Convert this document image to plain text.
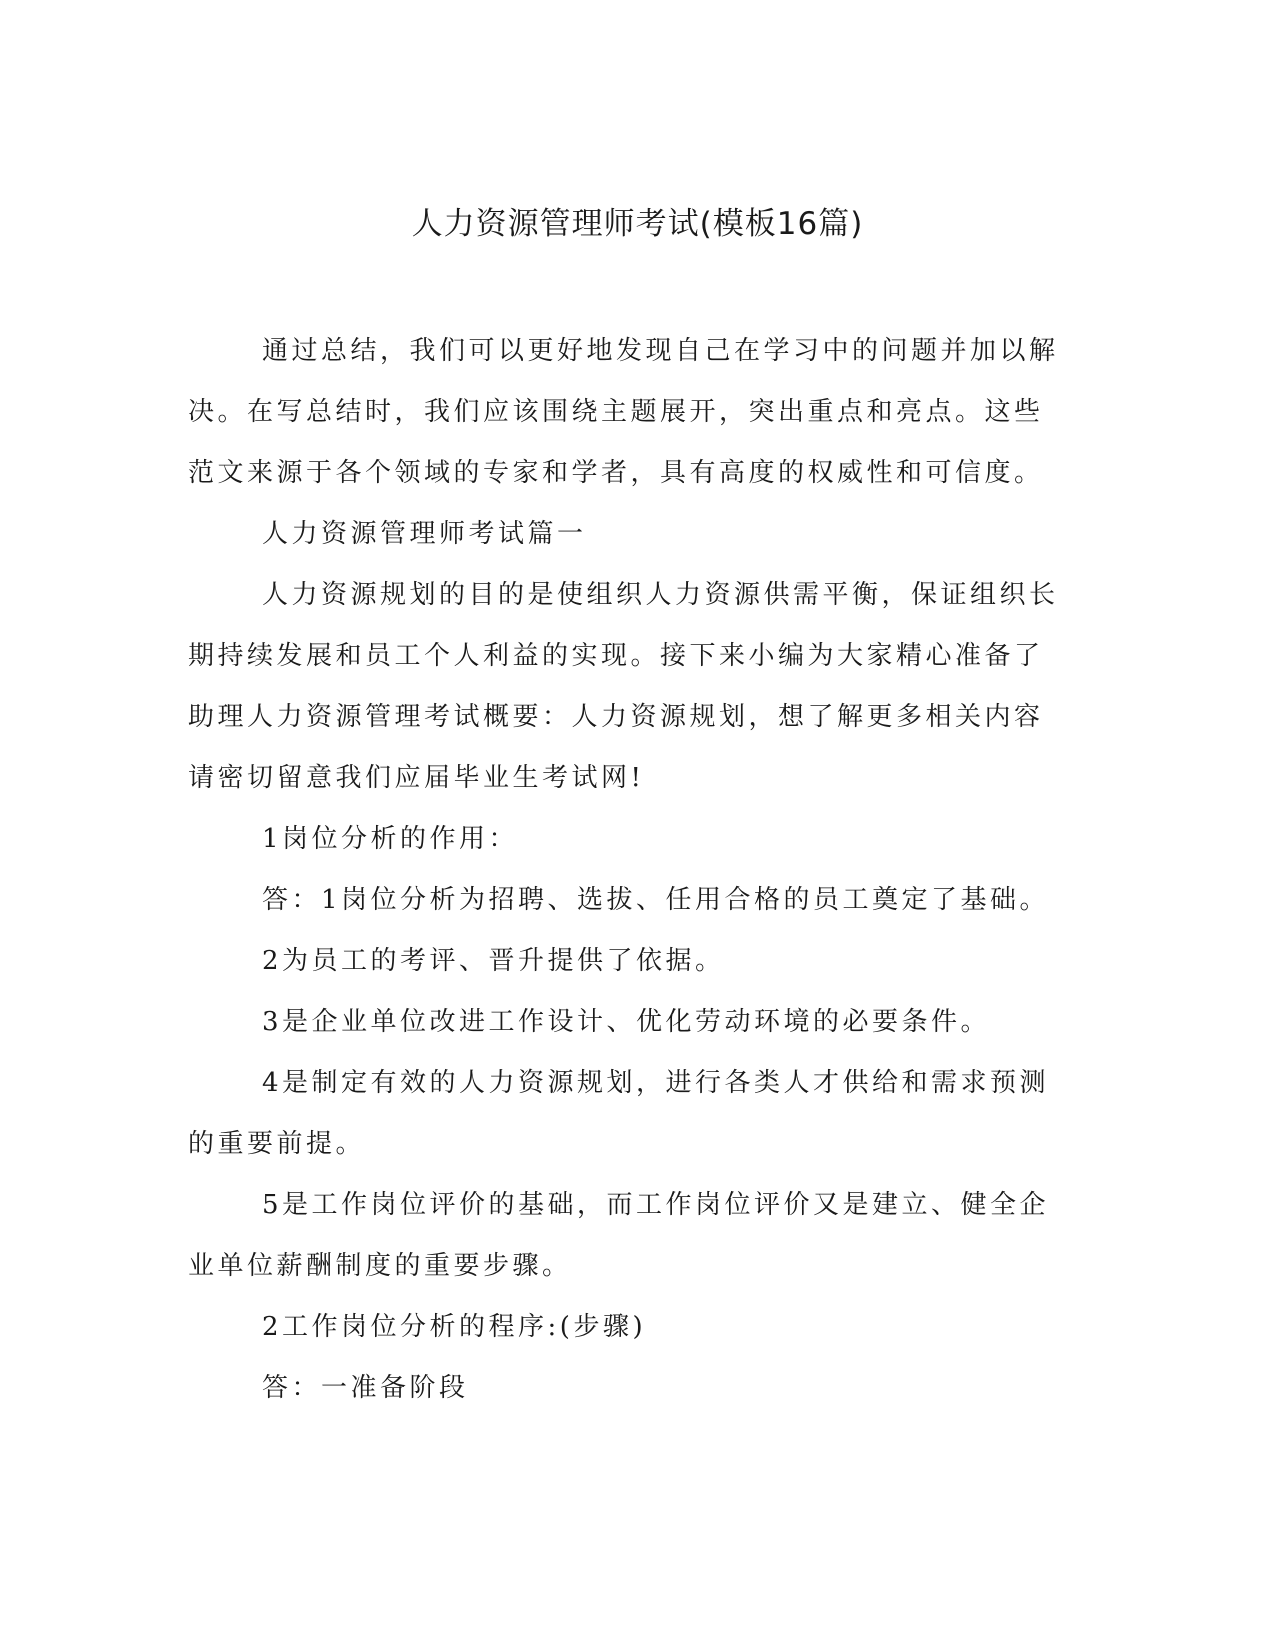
人力资源管理师考试(模板16篇)

通过总结，我们可以更好地发现自己在学习中的问题并加以解决。在写总结时，我们应该围绕主题展开，突出重点和亮点。这些范文来源于各个领域的专家和学者，具有高度的权威性和可信度。

人力资源管理师考试篇一

人力资源规划的目的是使组织人力资源供需平衡，保证组织长期持续发展和员工个人利益的实现。接下来小编为大家精心准备了助理人力资源管理考试概要：人力资源规划，想了解更多相关内容请密切留意我们应届毕业生考试网!

1岗位分析的作用：

答：1岗位分析为招聘、选拔、任用合格的员工奠定了基础。

2为员工的考评、晋升提供了依据。

3是企业单位改进工作设计、优化劳动环境的必要条件。

4是制定有效的人力资源规划，进行各类人才供给和需求预测的重要前提。

5是工作岗位评价的基础，而工作岗位评价又是建立、健全企业单位薪酬制度的重要步骤。

2工作岗位分析的程序:(步骤)

答：一准备阶段
